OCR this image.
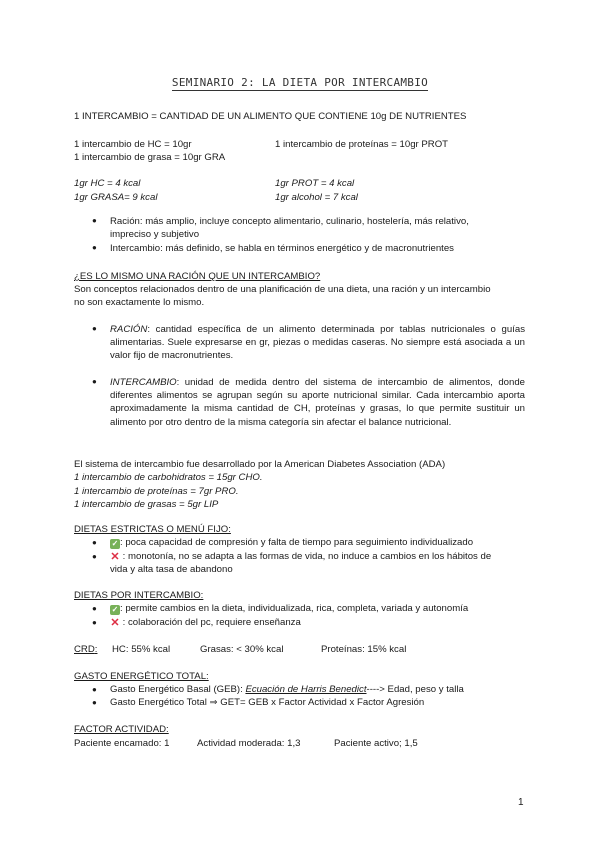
SEMINARIO 2: LA DIETA POR INTERCAMBIO
1 INTERCAMBIO = CANTIDAD DE UN ALIMENTO QUE CONTIENE 10g DE NUTRIENTES
1 intercambio de HC = 10gr	1 intercambio de proteínas = 10gr PROT
1 intercambio de grasa = 10gr GRA
1gr HC = 4 kcal	1gr PROT = 4 kcal
1gr GRASA= 9 kcal	1gr alcohol = 7 kcal
● Ración: más amplio, incluye concepto alimentario, culinario, hostelería, más relativo,
impreciso y subjetivo
● Intercambio: más definido, se habla en términos energético y de macronutrientes
¿ES LO MISMO UNA RACIÓN QUE UN INTERCAMBIO?
Son conceptos relacionados dentro de una planificación de una dieta, una ración y un intercambio
no son exactamente lo mismo.
● RACIÓN: cantidad específica de un alimento determinada por tablas nutricionales o guías alimentarias. Suele expresarse en gr, piezas o medidas caseras. No siempre está asociada a un valor fijo de macronutrientes.
● INTERCAMBIO: unidad de medida dentro del sistema de intercambio de alimentos, donde diferentes alimentos se agrupan según su aporte nutricional similar. Cada intercambio aporta aproximadamente la misma cantidad de CH, proteínas y grasas, lo que permite sustituir un alimento por otro dentro de la misma categoría sin afectar el balance nutricional.
El sistema de intercambio fue desarrollado por la American Diabetes Association (ADA)
1 intercambio de carbohidratos = 15gr CHO.
1 intercambio de proteínas = 7gr PRO.
1 intercambio de grasas = 5gr LIP
DIETAS ESTRICTAS O MENÚ FIJO:
● ✓ : poca capacidad de compresión y falta de tiempo para seguimiento individualizado
● ✕ : monotonía, no se adapta a las formas de vida, no induce a cambios en los hábitos de
vida y alta tasa de abandono
DIETAS POR INTERCAMBIO:
● ✓ : permite cambios en la dieta, individualizada, rica, completa, variada y autonomía
● ✕ : colaboración del pc, requiere enseñanza
CRD: HC: 55% kcal	Grasas: < 30% kcal	Proteínas: 15% kcal
GASTO ENERGÉTICO TOTAL:
● Gasto Energético Basal (GEB): Ecuación de Harris Benedict----> Edad, peso y talla
● Gasto Energético Total ⇒ GET= GEB x Factor Actividad x Factor Agresión
FACTOR ACTIVIDAD:
Paciente encamado: 1	Actividad moderada: 1,3	Paciente activo; 1,5
1
